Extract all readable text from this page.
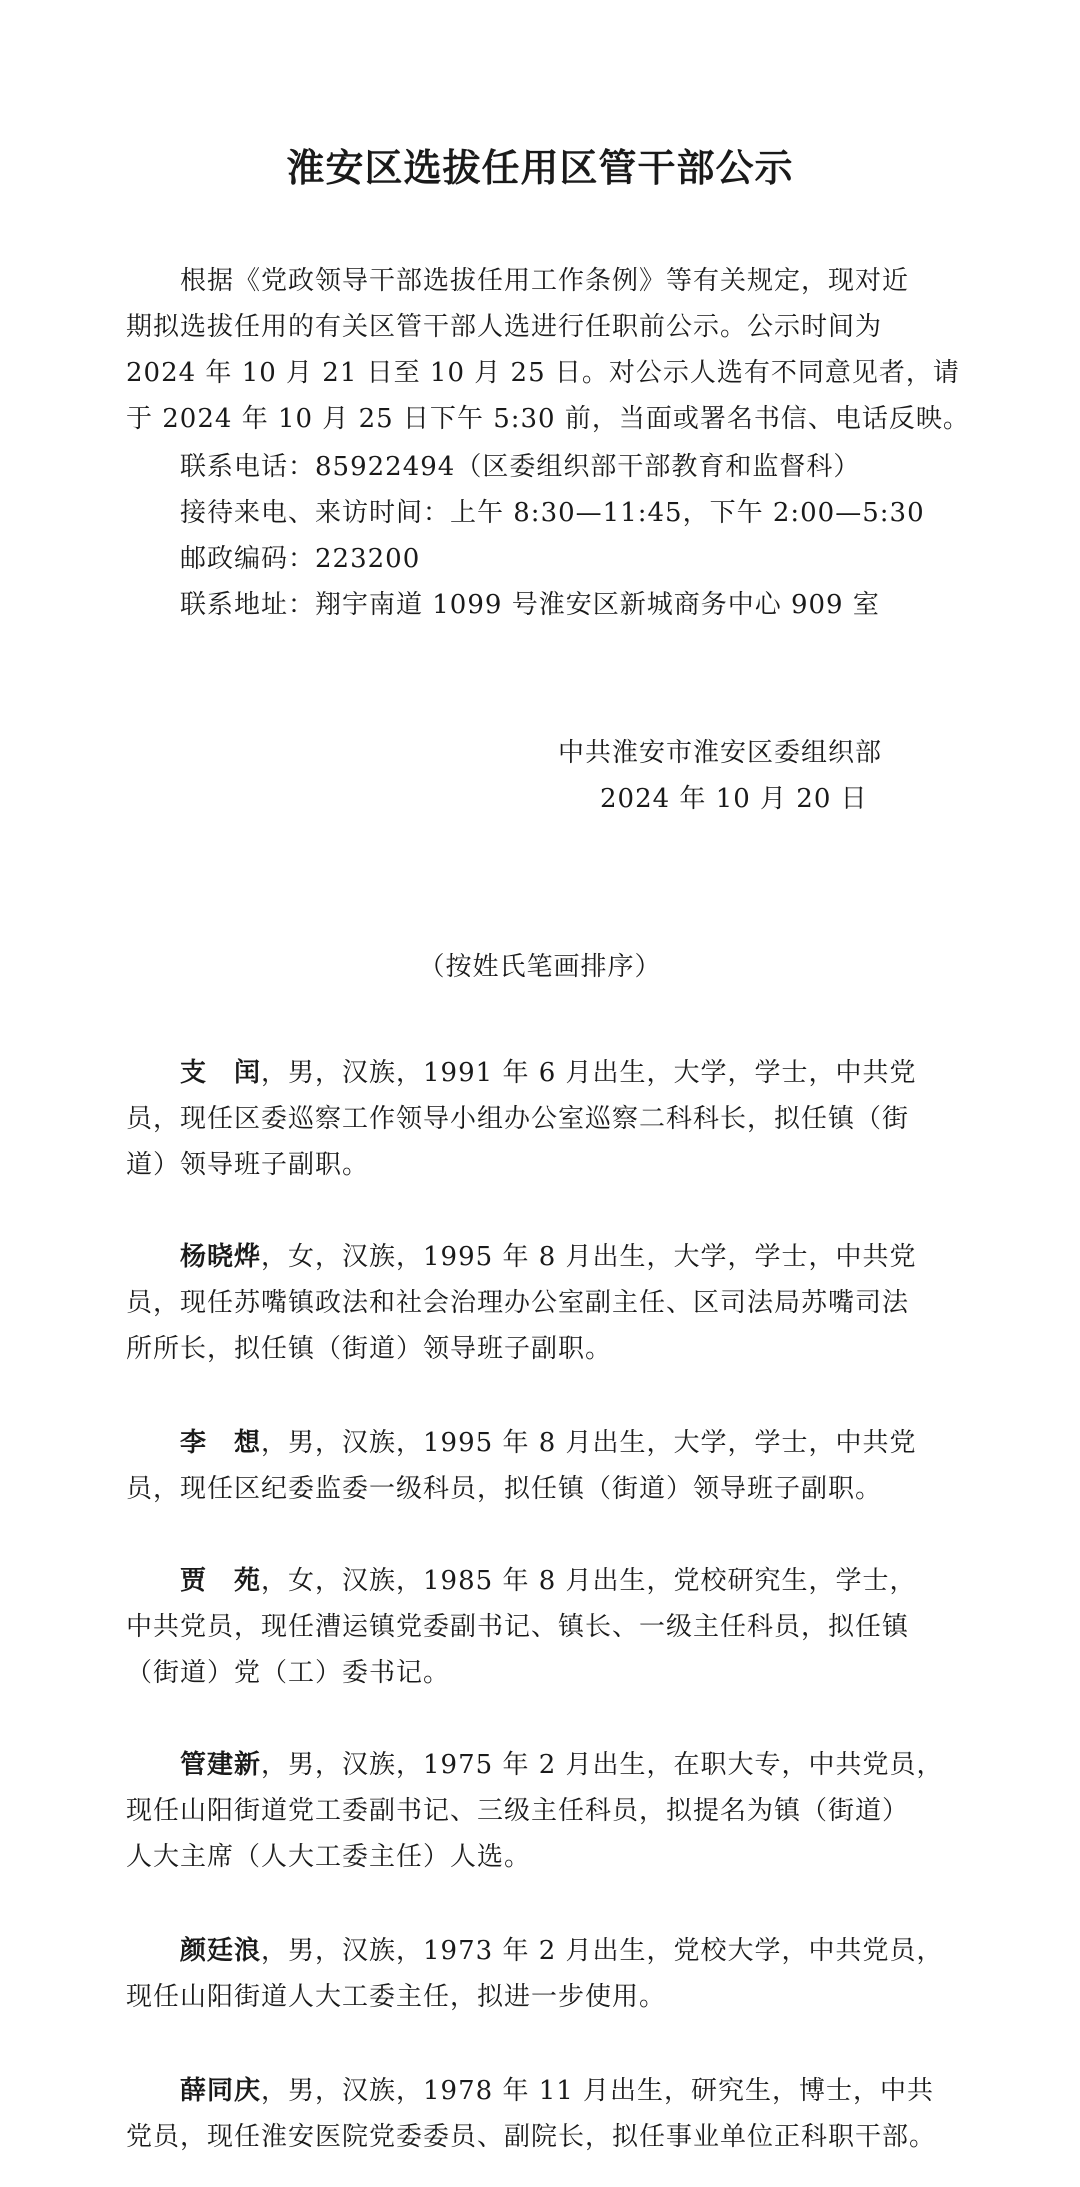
淮安区选拔任用区管干部公示
根据《党政领导干部选拔任用工作条例》等有关规定，现对近
期拟选拔任用的有关区管干部人选进行任职前公示。公示时间为
2024 年 10 月 21 日至 10 月 25 日。对公示人选有不同意见者，请
于 2024 年 10 月 25 日下午 5:30 前，当面或署名书信、电话反映。
联系电话：85922494（区委组织部干部教育和监督科）
接待来电、来访时间：上午 8:30—11:45，下午 2:00—5:30
邮政编码：223200
联系地址：翔宇南道 1099 号淮安区新城商务中心 909 室
中共淮安市淮安区委组织部
2024 年 10 月 20 日
（按姓氏笔画排序）
支　闰，男，汉族，1991 年 6 月出生，大学，学士，中共党
员，现任区委巡察工作领导小组办公室巡察二科科长，拟任镇（街
道）领导班子副职。
杨晓烨，女，汉族，1995 年 8 月出生，大学，学士，中共党
员，现任苏嘴镇政法和社会治理办公室副主任、区司法局苏嘴司法
所所长，拟任镇（街道）领导班子副职。
李　想，男，汉族，1995 年 8 月出生，大学，学士，中共党
员，现任区纪委监委一级科员，拟任镇（街道）领导班子副职。
贾　苑，女，汉族，1985 年 8 月出生，党校研究生，学士，
中共党员，现任漕运镇党委副书记、镇长、一级主任科员，拟任镇
（街道）党（工）委书记。
管建新，男，汉族，1975 年 2 月出生，在职大专，中共党员，
现任山阳街道党工委副书记、三级主任科员，拟提名为镇（街道）
人大主席（人大工委主任）人选。
颜廷浪，男，汉族，1973 年 2 月出生，党校大学，中共党员，
现任山阳街道人大工委主任，拟进一步使用。
薛同庆，男，汉族，1978 年 11 月出生，研究生，博士，中共
党员，现任淮安医院党委委员、副院长，拟任事业单位正科职干部。
